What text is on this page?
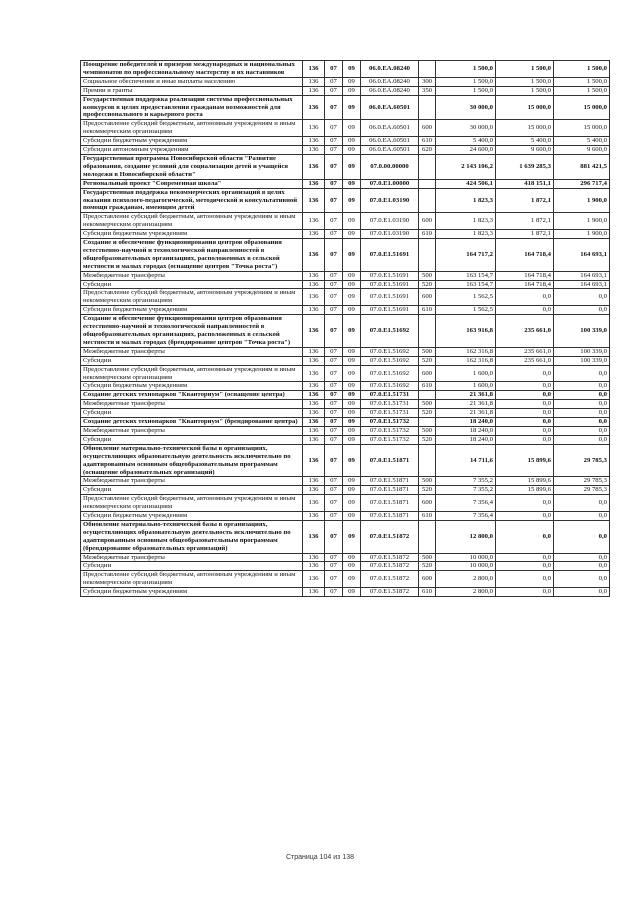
Поощрение победителей и призеров международных и национальных чемпионатов по профессиональному мастерству и их наставников	136	07	09	06.0.EA.08240		1 500,0	1 500,0	1 500,0
Социальное обеспечение и иные выплаты населению	136	07	09	06.0.EA.08240	300	1 500,0	1 500,0	1 500,0
Премии и гранты	136	07	09	06.0.EA.08240	350	1 500,0	1 500,0	1 500,0
Государственная поддержка реализации системы профессиональных конкурсов в целях предоставления гражданам возможностей для профессионального и карьерного роста	136	07	09	06.0.EA.60501		30 000,0	15 000,0	15 000,0
Предоставление субсидий бюджетным, автономным учреждениям и иным некоммерческим организациям	136	07	09	06.0.EA.60501	600	30 000,0	15 000,0	15 000,0
Субсидии бюджетным учреждениям	136	07	09	06.0.EA.60501	610	5 400,0	5 400,0	5 400,0
Субсидии автономным учреждениям	136	07	09	06.0.EA.60501	620	24 600,0	9 600,0	9 600,0
Государственная программа Новосибирской области "Развитие образования, создание условий для социализации детей и учащейся молодежи в Новосибирской области"	136	07	09	07.0.00.00000		2 143 106,2	1 639 285,3	881 421,5
Региональный проект "Современная школа"	136	07	09	07.0.E1.00000		424 506,1	418 151,1	296 717,4
Государственная поддержка некоммерческих организаций в целях оказания психолого-педагогической, методической и консультативной помощи гражданам, имеющим детей	136	07	09	07.0.E1.03190		1 823,3	1 872,1	1 900,0
Предоставление субсидий бюджетным, автономным учреждениям и иным некоммерческим организациям	136	07	09	07.0.E1.03190	600	1 823,3	1 872,1	1 900,0
Субсидии бюджетным учреждениям	136	07	09	07.0.E1.03190	610	1 823,3	1 872,1	1 900,0
Создание и обеспечение функционирования центров образования естественно-научной и технологической направленностей в общеобразовательных организациях, расположенных в сельской местности и малых городах (оснащение центров "Точка роста")	136	07	09	07.0.E1.51691		164 717,2	164 718,4	164 693,1
Межбюджетные трансферты	136	07	09	07.0.E1.51691	500	163 154,7	164 718,4	164 693,1
Субсидии	136	07	09	07.0.E1.51691	520	163 154,7	164 718,4	164 693,1
Предоставление субсидий бюджетным, автономным учреждениям и иным некоммерческим организациям	136	07	09	07.0.E1.51691	600	1 562,5	0,0	0,0
Субсидии бюджетным учреждениям	136	07	09	07.0.E1.51691	610	1 562,5	0,0	0,0
Создание и обеспечение функционирования центров образования естественно-научной и технологической направленностей в общеобразовательных организациях, расположенных в сельской местности и малых городах (брендирование центров "Точка роста")	136	07	09	07.0.E1.51692		163 916,8	235 661,0	100 339,0
Межбюджетные трансферты	136	07	09	07.0.E1.51692	500	162 316,8	235 661,0	100 339,0
Субсидии	136	07	09	07.0.E1.51692	520	162 316,8	235 661,0	100 339,0
Предоставление субсидий бюджетным, автономным учреждениям и иным некоммерческим организациям	136	07	09	07.0.E1.51692	600	1 600,0	0,0	0,0
Субсидии бюджетным учреждениям	136	07	09	07.0.E1.51692	610	1 600,0	0,0	0,0
Создание детских технопарков "Кванториум" (оснащение центра)	136	07	09	07.0.E1.51731		21 361,8	0,0	0,0
Межбюджетные трансферты	136	07	09	07.0.E1.51731	500	21 361,8	0,0	0,0
Субсидии	136	07	09	07.0.E1.51731	520	21 361,8	0,0	0,0
Создание детских технопарков "Кванториум" (брендирование центра)	136	07	09	07.0.E1.51732		18 240,0	0,0	0,0
Межбюджетные трансферты	136	07	09	07.0.E1.51732	500	18 240,0	0,0	0,0
Субсидии	136	07	09	07.0.E1.51732	520	18 240,0	0,0	0,0
Обновление материально-технической базы в организациях, осуществляющих образовательную деятельность исключительно по адаптированным основным общеобразовательным программам (оснащение образовательных организаций)	136	07	09	07.0.E1.51871		14 711,6	15 899,6	29 785,3
Межбюджетные трансферты	136	07	09	07.0.E1.51871	500	7 355,2	15 899,6	29 785,3
Субсидии	136	07	09	07.0.E1.51871	520	7 355,2	15 899,6	29 785,3
Предоставление субсидий бюджетным, автономным учреждениям и иным некоммерческим организациям	136	07	09	07.0.E1.51871	600	7 356,4	0,0	0,0
Субсидии бюджетным учреждениям	136	07	09	07.0.E1.51871	610	7 356,4	0,0	0,0
Обновление материально-технической базы в организациях, осуществляющих образовательную деятельность исключительно по адаптированным основным общеобразовательным программам (брендирование образовательных организаций)	136	07	09	07.0.E1.51872		12 800,0	0,0	0,0
Межбюджетные трансферты	136	07	09	07.0.E1.51872	500	10 000,0	0,0	0,0
Субсидии	136	07	09	07.0.E1.51872	520	10 000,0	0,0	0,0
Предоставление субсидий бюджетным, автономным учреждениям и иным некоммерческим организациям	136	07	09	07.0.E1.51872	600	2 800,0	0,0	0,0
Субсидии бюджетным учреждениям	136	07	09	07.0.E1.51872	610	2 800,0	0,0	0,0
Страница 104 из 138
